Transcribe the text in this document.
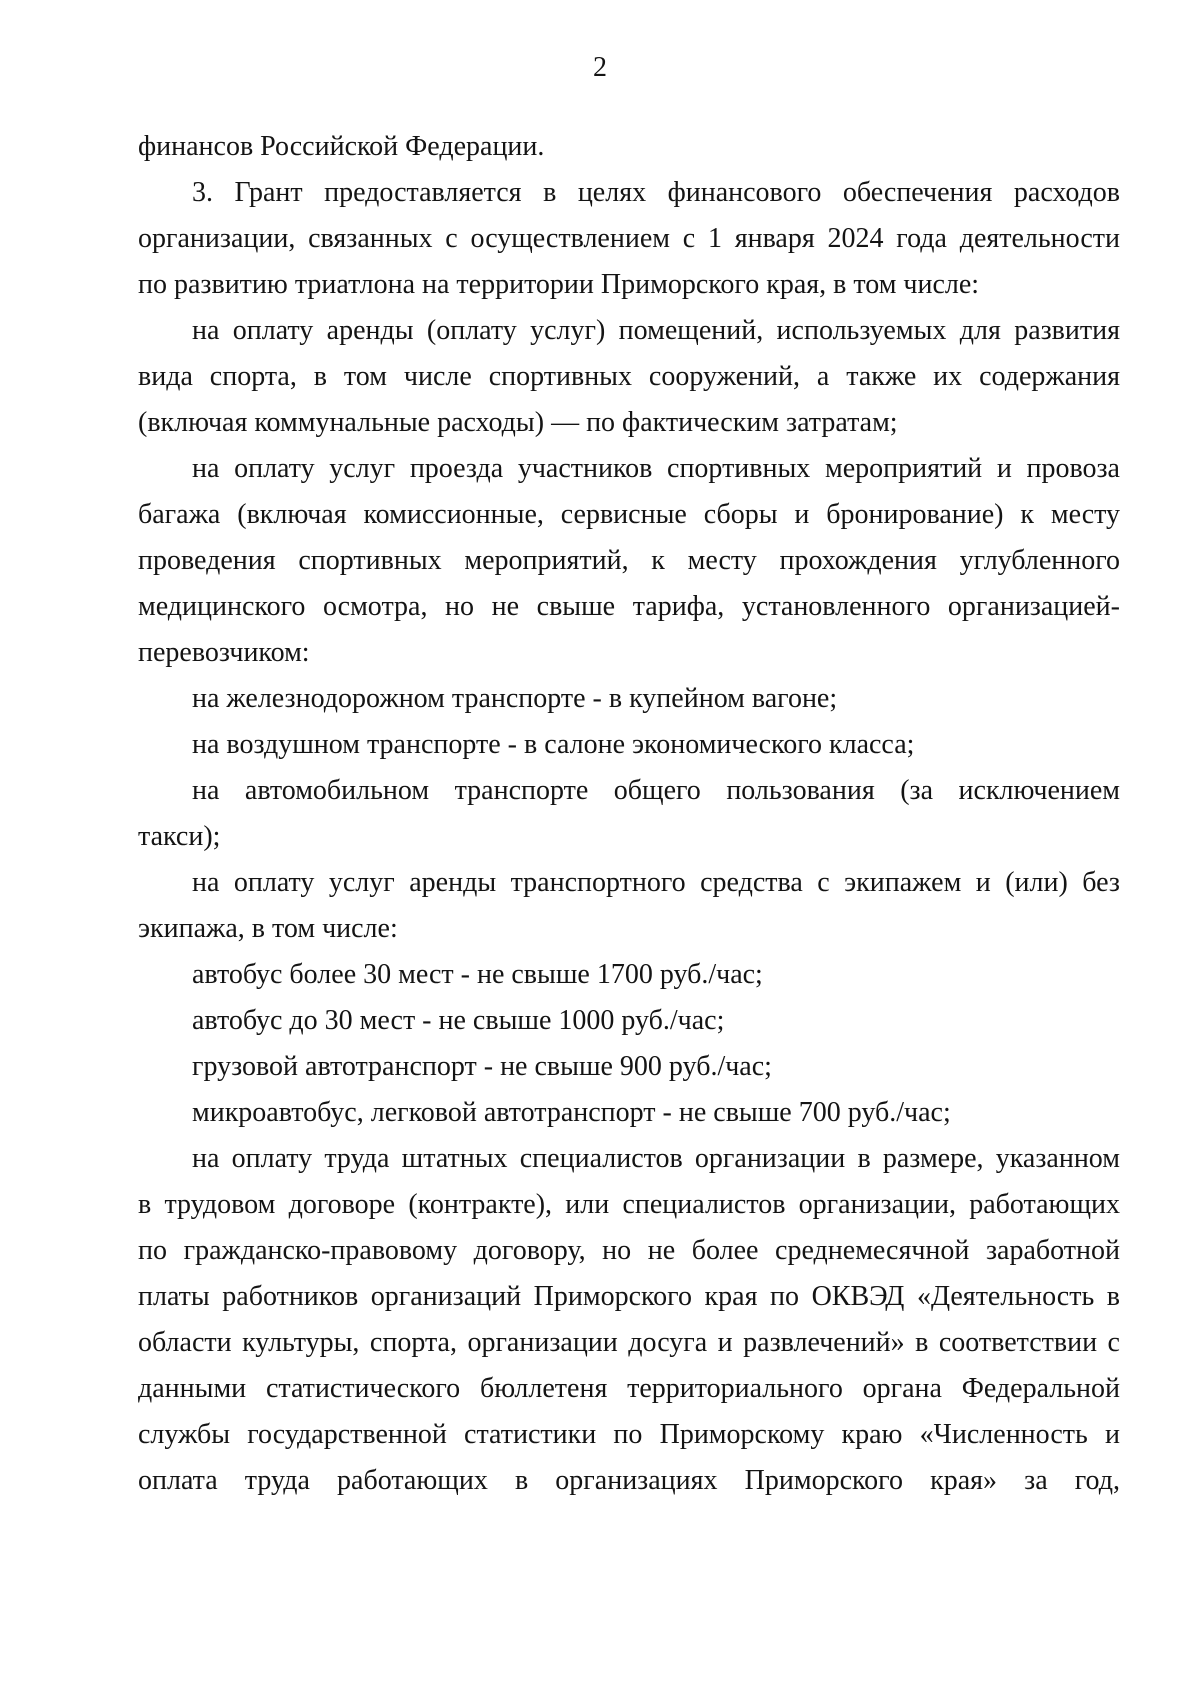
2
финансов Российской Федерации.
3. Грант предоставляется в целях финансового обеспечения расходов
организации, связанных с осуществлением с 1 января 2024 года деятельности
по развитию триатлона на территории Приморского края, в том числе:
на оплату аренды (оплату услуг) помещений, используемых для развития
вида спорта, в том числе спортивных сооружений, а также их содержания
(включая коммунальные расходы) — по фактическим затратам;
на оплату услуг проезда участников спортивных мероприятий и провоза
багажа (включая комиссионные, сервисные сборы и бронирование) к месту
проведения спортивных мероприятий, к месту прохождения углубленного
медицинского осмотра, но не свыше тарифа, установленного организацией-
перевозчиком:
на железнодорожном транспорте - в купейном вагоне;
на воздушном транспорте - в салоне экономического класса;
на автомобильном транспорте общего пользования (за исключением
такси);
на оплату услуг аренды транспортного средства с экипажем и (или) без
экипажа, в том числе:
автобус более 30 мест - не свыше 1700 руб./час;
автобус до 30 мест - не свыше 1000 руб./час;
грузовой автотранспорт - не свыше 900 руб./час;
микроавтобус, легковой автотранспорт - не свыше 700 руб./час;
на оплату труда штатных специалистов организации в размере, указанном
в трудовом договоре (контракте), или специалистов организации, работающих
по гражданско-правовому договору, но не более среднемесячной заработной
платы работников организаций Приморского края по ОКВЭД «Деятельность в
области культуры, спорта, организации досуга и развлечений» в соответствии с
данными статистического бюллетеня территориального органа Федеральной
службы государственной статистики по Приморскому краю «Численность и
оплата труда работающих в организациях Приморского края» за год,
